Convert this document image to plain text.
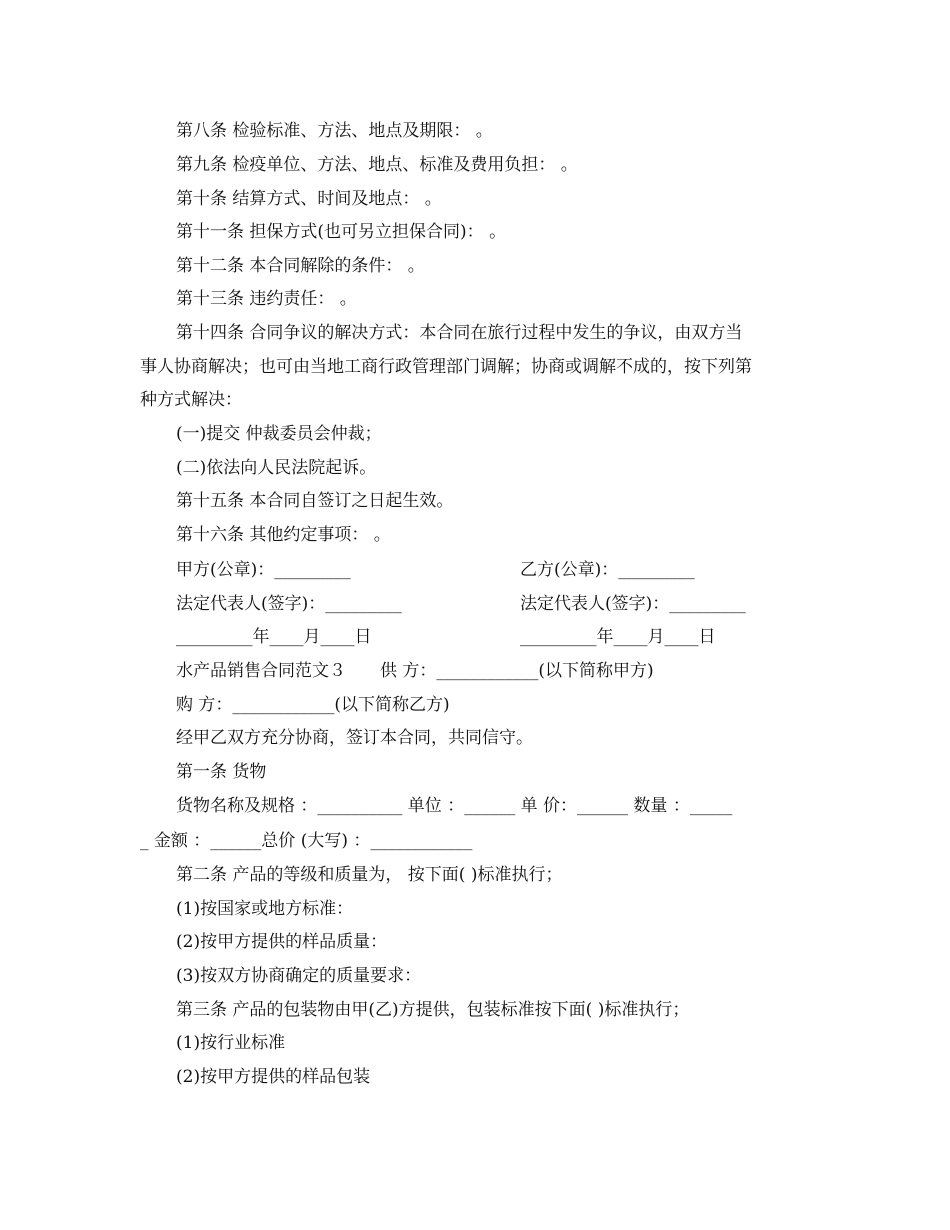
第八条 检验标准、方法、地点及期限： 。
第九条 检疫单位、方法、地点、标准及费用负担： 。
第十条 结算方式、时间及地点： 。
第十一条 担保方式(也可另立担保合同)： 。
第十二条 本合同解除的条件： 。
第十三条 违约责任： 。
第十四条 合同争议的解决方式：本合同在旅行过程中发生的争议，由双方当
事人协商解决；也可由当地工商行政管理部门调解；协商或调解不成的，按下列第
种方式解决：
(一)提交 仲裁委员会仲裁；
(二)依法向人民法院起诉。
第十五条 本合同自签订之日起生效。
第十六条 其他约定事项： 。
甲方(公章)：_________	乙方(公章)：_________
法定代表人(签字)：_________	法定代表人(签字)：_________
_________年____月____日	_________年____月____日
水产品销售合同范文３　　供 方：____________(以下简称甲方)
购 方：____________(以下简称乙方)
经甲乙双方充分协商，签订本合同，共同信守。
第一条 货物
货物名称及规格 ：__________ 单位 ：______ 单 价：______ 数量 ：_____
_ 金额 ：______总价 (大写) ：____________
第二条 产品的等级和质量为， 按下面( )标准执行；
(1)按国家或地方标准：
(2)按甲方提供的样品质量：
(3)按双方协商确定的质量要求：
第三条 产品的包装物由甲(乙)方提供，包装标准按下面( )标准执行；
(1)按行业标准
(2)按甲方提供的样品包装
